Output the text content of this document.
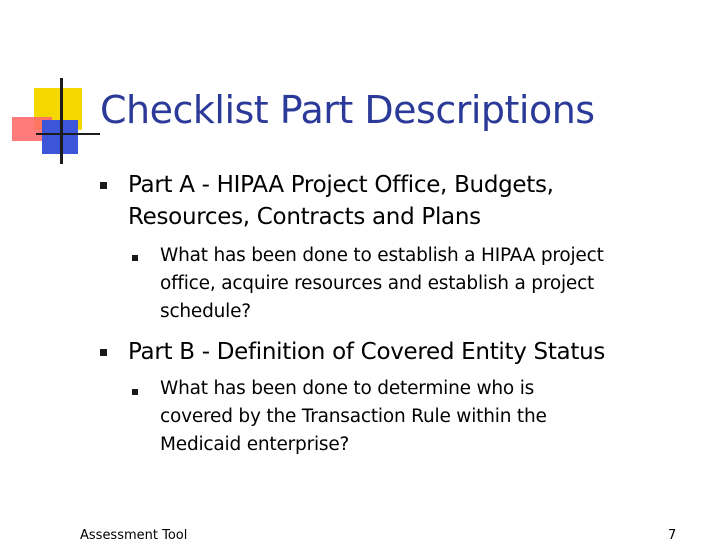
Checklist Part Descriptions
Part A - HIPAA Project Office, Budgets,
Resources, Contracts and Plans
What has been done to establish a HIPAA project
office, acquire resources and establish a project
schedule?
Part B - Definition of Covered Entity Status
What has been done to determine who is
covered by the Transaction Rule within the
Medicaid enterprise?
Assessment Tool	7
